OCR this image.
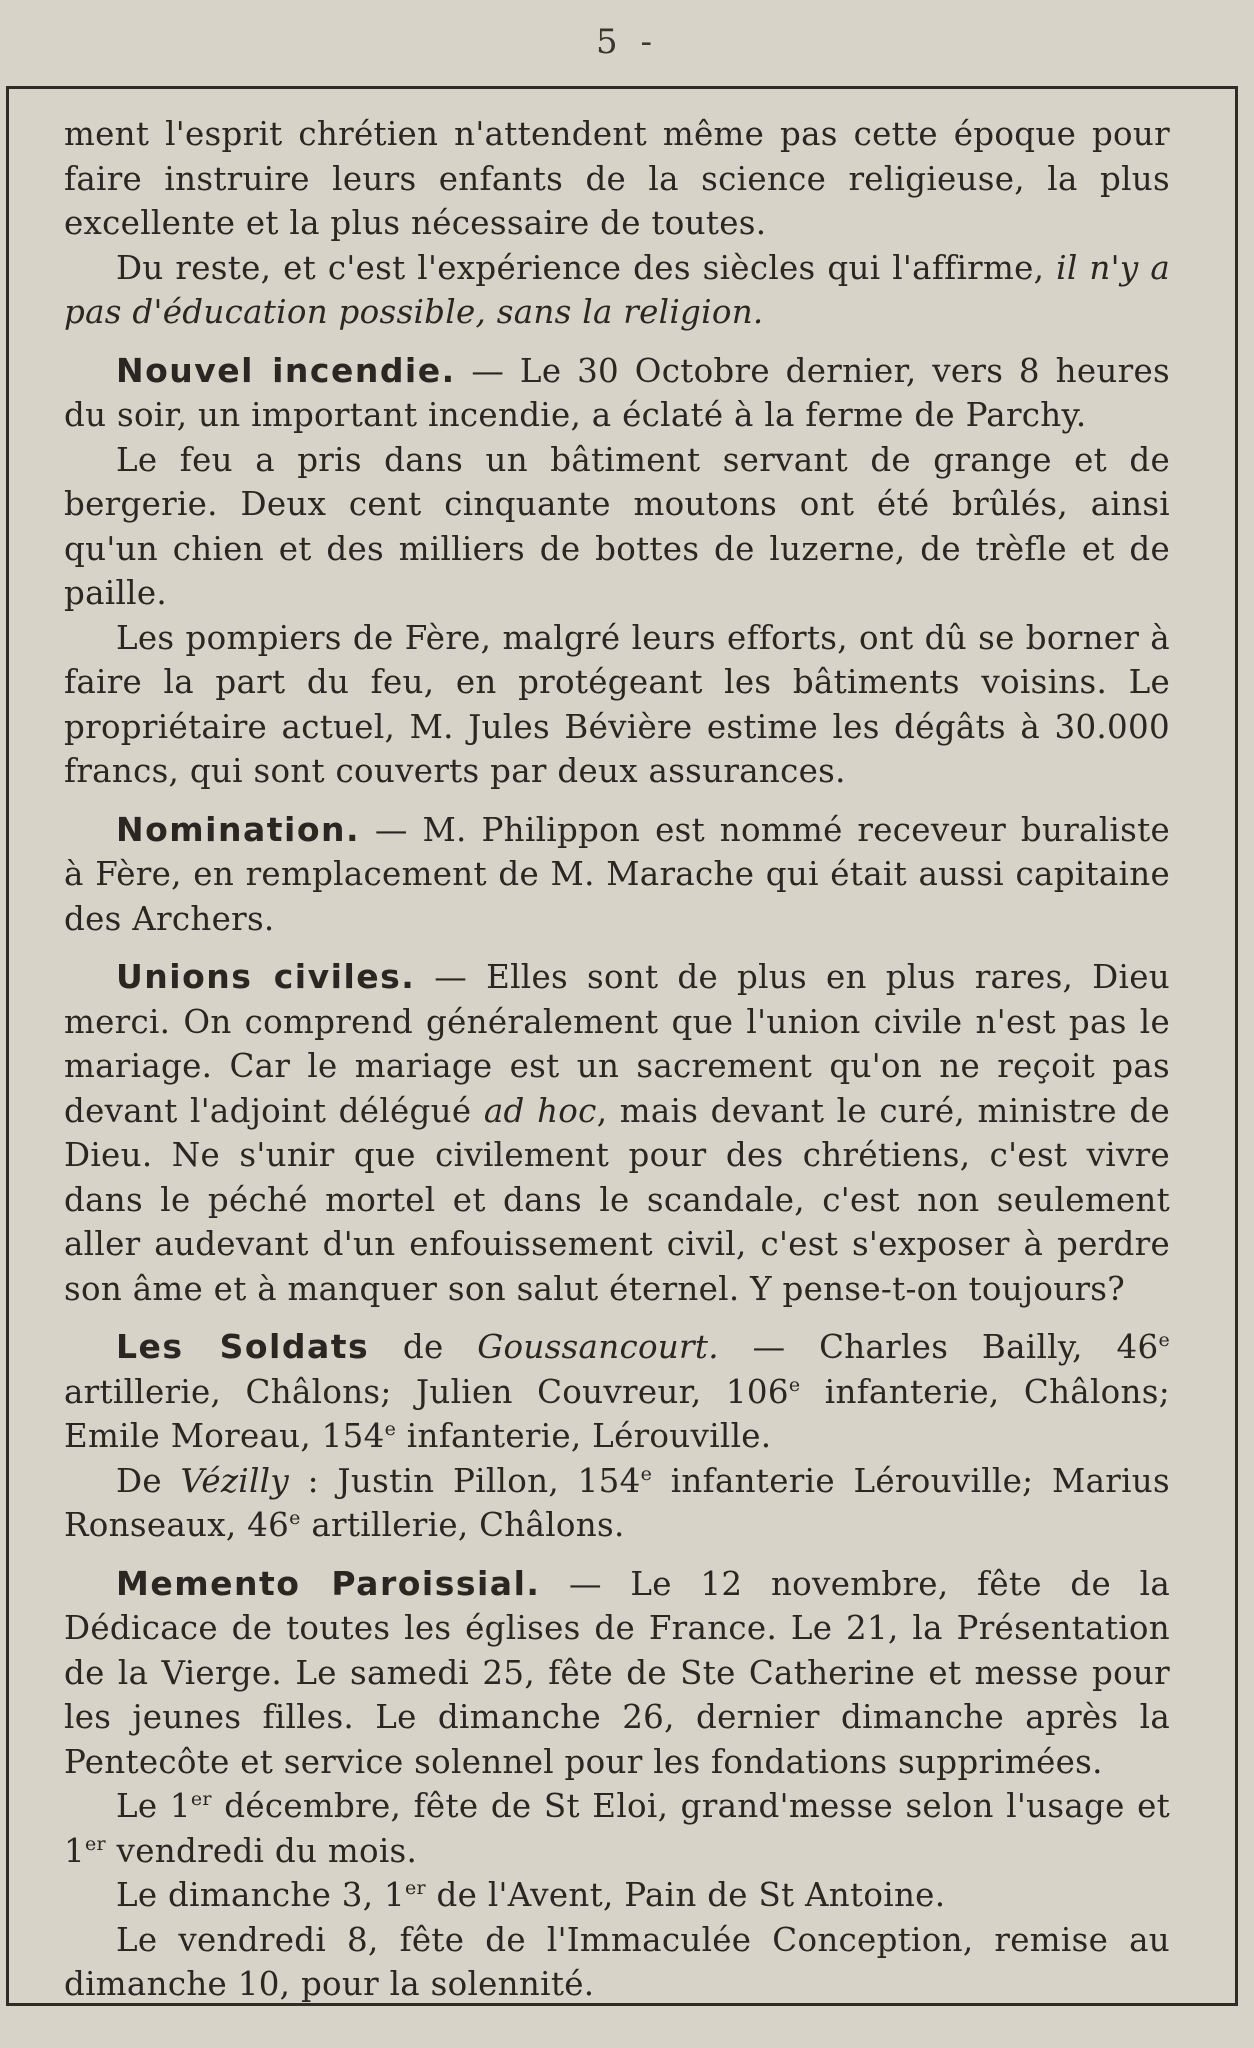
5 -

ment l'esprit chrétien n'attendent même pas cette époque pour faire instruire leurs enfants de la science religieuse, la plus excellente et la plus nécessaire de toutes.

Du reste, et c'est l'expérience des siècles qui l'affirme, il n'y a pas d'éducation possible, sans la religion.

Nouvel incendie. — Le 30 Octobre dernier, vers 8 heures du soir, un important incendie, a éclaté à la ferme de Parchy.

Le feu a pris dans un bâtiment servant de grange et de bergerie. Deux cent cinquante moutons ont été brûlés, ainsi qu'un chien et des milliers de bottes de luzerne, de trèfle et de paille.

Les pompiers de Fère, malgré leurs efforts, ont dû se borner à faire la part du feu, en protégeant les bâtiments voisins. Le propriétaire actuel, M. Jules Bévière estime les dégâts à 30.000 francs, qui sont couverts par deux assurances.

Nomination. — M. Philippon est nommé receveur buraliste à Fère, en remplacement de M. Marache qui était aussi capitaine des Archers.

Unions civiles. — Elles sont de plus en plus rares, Dieu merci. On comprend généralement que l'union civile n'est pas le mariage. Car le mariage est un sacrement qu'on ne reçoit pas devant l'adjoint délégué ad hoc, mais devant le curé, ministre de Dieu. Ne s'unir que civilement pour des chrétiens, c'est vivre dans le péché mortel et dans le scandale, c'est non seulement aller audevant d'un enfouissement civil, c'est s'exposer à perdre son âme et à manquer son salut éternel. Y pense-t-on toujours?

Les Soldats de Goussancourt. — Charles Bailly, 46e artillerie, Châlons; Julien Couvreur, 106e infanterie, Châlons; Emile Moreau, 154e infanterie, Lérouville.

De Vézilly : Justin Pillon, 154e infanterie Lérouville; Marius Ronseaux, 46e artillerie, Châlons.

Memento Paroissial. — Le 12 novembre, fête de la Dédicace de toutes les églises de France. Le 21, la Présentation de la Vierge. Le samedi 25, fête de Ste Catherine et messe pour les jeunes filles. Le dimanche 26, dernier dimanche après la Pentecôte et service solennel pour les fondations supprimées.

Le 1er décembre, fête de St Eloi, grand'messe selon l'usage et 1er vendredi du mois.

Le dimanche 3, 1er de l'Avent, Pain de St Antoine.

Le vendredi 8, fête de l'Immaculée Conception, remise au dimanche 10, pour la solennité.
